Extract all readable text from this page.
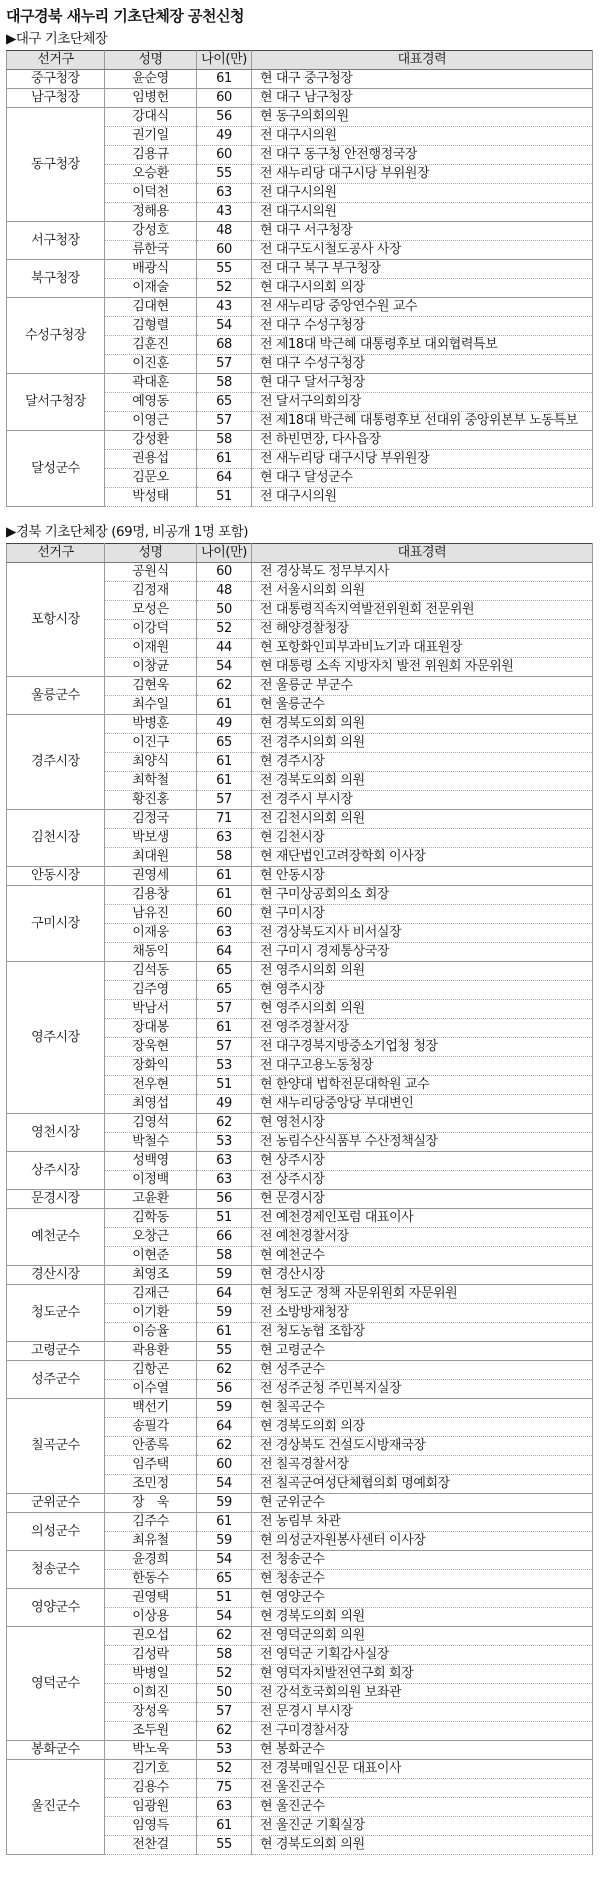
대구경북 새누리 기초단체장 공천신청
▶대구 기초단체장
선거구	성명	나이(만)	대표경력
중구청장	윤순영	61	현 대구 중구청장
남구청장	임병헌	60	현 대구 남구청장
동구청장	강대식	56	현 동구의회의원
	권기일	49	전 대구시의원
	김용규	60	전 대구 동구청 안전행정국장
	오승환	55	전 새누리당 대구시당 부위원장
	이덕천	63	전 대구시의원
	정해용	43	전 대구시의원
서구청장	강성호	48	현 대구 서구청장
	류한국	60	전 대구도시철도공사 사장
북구청장	배광식	55	전 대구 북구 부구청장
	이재술	52	현 대구시의회 의장
수성구청장	김대현	43	전 새누리당 중앙연수원 교수
	김형렬	54	전 대구 수성구청장
	김훈진	68	전 제18대 박근혜 대통령후보 대외협력특보
	이진훈	57	현 대구 수성구청장
달서구청장	곽대훈	58	현 대구 달서구청장
	예영동	65	전 달서구의회의장
	이영근	57	전 제18대 박근혜 대통령후보 선대위 중앙위본부 노동특보
달성군수	강성환	58	전 하빈면장, 다사읍장
	권용섭	61	전 새누리당 대구시당 부위원장
	김문오	64	현 대구 달성군수
	박성태	51	전 대구시의원
▶경북 기초단체장 (69명, 비공개 1명 포함)
선거구	성명	나이(만)	대표경력
포항시장	공원식	60	전 경상북도 정무부지사
	김정재	48	전 서울시의회 의원
	모성은	50	전 대통령직속지역발전위원회 전문위원
	이강덕	52	전 해양경찰청장
	이재원	44	현 포항화인피부과비뇨기과 대표원장
	이창균	54	현 대통령 소속 지방자치 발전 위원회 자문위원
울릉군수	김현욱	62	전 울릉군 부군수
	최수일	61	현 울릉군수
경주시장	박병훈	49	현 경북도의회 의원
	이진구	65	전 경주시의회 의원
	최양식	61	현 경주시장
	최학철	61	전 경북도의회 의원
	황진홍	57	전 경주시 부시장
김천시장	김정국	71	전 김천시의회 의원
	박보생	63	현 김천시장
	최대원	58	현 재단법인고려장학회 이사장
안동시장	권영세	61	현 안동시장
구미시장	김용창	61	현 구미상공회의소 회장
	남유진	60	현 구미시장
	이재웅	63	전 경상북도지사 비서실장
	채동익	64	전 구미시 경제통상국장
영주시장	김석동	65	전 영주시의회 의원
	김주영	65	현 영주시장
	박남서	57	현 영주시의회 의원
	장대봉	61	전 영주경찰서장
	장욱현	57	전 대구경북지방중소기업청 청장
	장화익	53	전 대구고용노동청장
	전우현	51	현 한양대 법학전문대학원 교수
	최영섭	49	현 새누리당중앙당 부대변인
영천시장	김영석	62	현 영천시장
	박철수	53	전 농림수산식품부 수산정책실장
상주시장	성백영	63	현 상주시장
	이정백	63	전 상주시장
문경시장	고윤환	56	현 문경시장
예천군수	김학동	51	전 예천경제인포럼 대표이사
	오창근	66	전 예천경찰서장
	이현준	58	현 예천군수
경산시장	최영조	59	현 경산시장
청도군수	김재근	64	현 청도군 정책 자문위원회 자문위원
	이기환	59	전 소방방재청장
	이승율	61	전 청도농협 조합장
고령군수	곽용환	55	현 고령군수
성주군수	김항곤	62	현 성주군수
	이수열	56	전 성주군청 주민복지실장
칠곡군수	백선기	59	현 칠곡군수
	송필각	64	현 경북도의회 의장
	안종록	62	전 경상북도 건설도시방재국장
	임주택	60	전 칠곡경찰서장
	조민정	54	전 칠곡군여성단체협의회 명예회장
군위군수	장　욱	59	현 군위군수
의성군수	김주수	61	전 농림부 차관
	최유철	59	현 의성군자원봉사센터 이사장
청송군수	윤경희	54	전 청송군수
	한동수	65	현 청송군수
영양군수	권영택	51	현 영양군수
	이상용	54	현 경북도의회 의원
영덕군수	권오섭	62	전 영덕군의회 의원
	김성락	58	전 영덕군 기획감사실장
	박병일	52	현 영덕자치발전연구회 회장
	이희진	50	전 강석호국회의원 보좌관
	장성욱	57	전 문경시 부시장
	조두원	62	전 구미경찰서장
봉화군수	박노욱	53	현 봉화군수
울진군수	김기호	52	전 경북매일신문 대표이사
	김용수	75	전 울진군수
	임광원	63	현 울진군수
	임영득	61	전 울진군 기획실장
	전찬걸	55	현 경북도의회 의원
